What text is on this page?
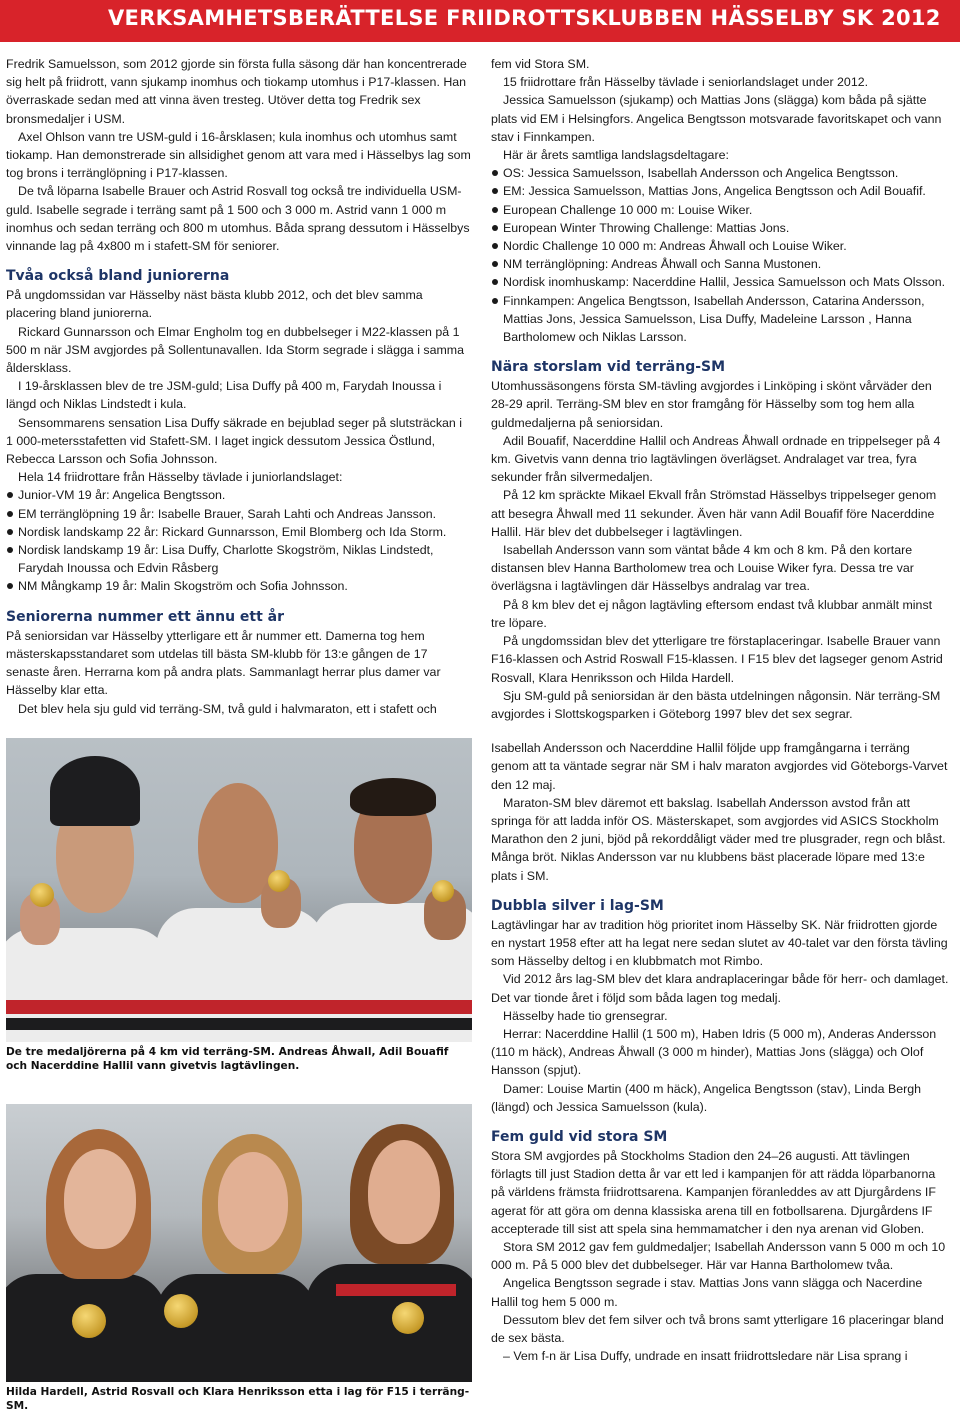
VERKSAMHETSBERÄTTELSE FRIIDROTTSKLUBBEN HÄSSELBY SK 2012

Fredrik Samuelsson, som 2012 gjorde sin första fulla säsong där han koncentrerade sig helt på friidrott, vann sjukamp inomhus och tiokamp utomhus i P17-klassen. Han överraskade sedan med att vinna även tresteg. Utöver detta tog Fredrik sex bronsmedaljer i USM.

Axel Ohlson vann tre USM-guld i 16-årsklasen; kula inomhus och utomhus samt tiokamp. Han demonstrerade sin allsidighet genom att vara med i Hässelbys lag som tog brons i terränglöpning i P17-klassen.

De två löparna Isabelle Brauer och Astrid Rosvall tog också tre individuella USM-guld. Isabelle segrade i terräng samt på 1 500 och 3 000 m. Astrid vann 1 000 m inomhus och sedan terräng och 800 m utomhus. Båda sprang dessutom i Hässelbys vinnande lag på 4x800 m i stafett-SM för seniorer.

Tvåa också bland juniorerna

På ungdomssidan var Hässelby näst bästa klubb 2012, och det blev samma placering bland juniorerna.

Rickard Gunnarsson och Elmar Engholm tog en dubbelseger i M22-klassen på 1 500 m när JSM avgjordes på Sollentunavallen. Ida Storm segrade i slägga i samma åldersklass.

I 19-årsklassen blev de tre JSM-guld; Lisa Duffy på 400 m, Farydah Inoussa i längd och Niklas Lindstedt i kula.

Sensommarens sensation Lisa Duffy säkrade en bejublad seger på slutsträckan i 1 000-metersstafetten vid Stafett-SM. I laget ingick dessutom Jessica Östlund, Rebecca Larsson och Sofia Johnsson.

Hela 14 friidrottare från Hässelby tävlade i juniorlandslaget:

Junior-VM 19 år: Angelica Bengtsson.
EM terränglöpning 19 år: Isabelle Brauer, Sarah Lahti och Andreas Jansson.
Nordisk landskamp 22 år: Rickard Gunnarsson, Emil Blomberg och Ida Storm.
Nordisk landskamp 19 år: Lisa Duffy, Charlotte Skogström, Niklas Lindstedt, Farydah Inoussa och Edvin Råsberg
NM Mångkamp 19 år: Malin Skogström och Sofia Johnsson.
Seniorerna nummer ett ännu ett år

På seniorsidan var Hässelby ytterligare ett år nummer ett. Damerna tog hem mästerskapsstandaret som utdelas till bästa SM-klubb för 13:e gången de 17 senaste åren. Herrarna kom på andra plats. Sammanlagt herrar plus damer var Hässelby klar etta.

Det blev hela sju guld vid terräng-SM, två guld i halvmaraton, ett i stafett och

De tre medaljörerna på 4 km vid terräng-SM. Andreas Åhwall, Adil Bouafif och Nacerddine Hallil vann givetvis lagtävlingen.
Hilda Hardell, Astrid Rosvall och Klara Henriksson etta i lag för F15 i terräng-SM.

fem vid Stora SM.

15 friidrottare från Hässelby tävlade i seniorlandslaget under 2012.

Jessica Samuelsson (sjukamp) och Mattias Jons (slägga) kom båda på sjätte plats vid EM i Helsingfors. Angelica Bengtsson motsvarade favoritskapet och vann stav i Finnkampen.

Här är årets samtliga landslagsdeltagare:

OS: Jessica Samuelsson, Isabellah Andersson och Angelica Bengtsson.
EM: Jessica Samuelsson, Mattias Jons, Angelica Bengtsson och Adil Bouafif.
European Challenge 10 000 m: Louise Wiker.
European Winter Throwing Challenge: Mattias Jons.
Nordic Challenge 10 000 m: Andreas Åhwall och Louise Wiker.
NM terränglöpning: Andreas Åhwall och Sanna Mustonen.
Nordisk inomhuskamp: Nacerddine Hallil, Jessica Samuelsson och Mats Olsson.
Finnkampen: Angelica Bengtsson, Isabellah Andersson, Catarina Andersson, Mattias Jons, Jessica Samuelsson, Lisa Duffy, Madeleine Larsson , Hanna Bartholomew och Niklas Larsson.
Nära storslam vid terräng-SM

Utomhussäsongens första SM-tävling avgjordes i Linköping i skönt vårväder den 28-29 april. Terräng-SM blev en stor framgång för Hässelby som tog hem alla guldmedaljerna på seniorsidan.

Adil Bouafif, Nacerddine Hallil och Andreas Åhwall ordnade en trippelseger på 4 km. Givetvis vann denna trio lagtävlingen överlägset. Andralaget var trea, fyra sekunder från silvermedaljen.

På 12 km spräckte Mikael Ekvall från Strömstad Hässelbys trippelseger genom att besegra Åhwall med 11 sekunder. Även här vann Adil Bouafif före Nacerddine Hallil. Här blev det dubbelseger i lagtävlingen.

Isabellah Andersson vann som väntat både 4 km och 8 km. På den kortare distansen blev Hanna Bartholomew trea och Louise Wiker fyra. Dessa tre var överlägsna i lagtävlingen där Hässelbys andralag var trea.

På 8 km blev det ej någon lagtävling eftersom endast två klubbar anmält minst tre löpare.

På ungdomssidan blev det ytterligare tre förstaplaceringar. Isabelle Brauer vann F16-klassen och Astrid Roswall F15-klassen. I F15 blev det lagseger genom Astrid Rosvall, Klara Henriksson och Hilda Hardell.

Sju SM-guld på seniorsidan är den bästa utdelningen någonsin. När terräng-SM avgjordes i Slottskogsparken i Göteborg 1997 blev det sex segrar.

Isabellah Andersson och Nacerddine Hallil följde upp framgångarna i terräng genom att ta väntade segrar när SM i halv maraton avgjordes vid Göteborgs-Varvet den 12 maj.

Maraton-SM blev däremot ett bakslag. Isabellah Andersson avstod från att springa för att ladda inför OS. Mästerskapet, som avgjordes vid ASICS Stockholm Marathon den 2 juni, bjöd på rekorddåligt väder med tre plusgrader, regn och blåst. Många bröt. Niklas Andersson var nu klubbens bäst placerade löpare med 13:e plats i SM.

Dubbla silver i lag-SM

Lagtävlingar har av tradition hög prioritet inom Hässelby SK. När friidrotten gjorde en nystart 1958 efter att ha legat nere sedan slutet av 40-talet var den första tävling som Hässelby deltog i en klubbmatch mot Rimbo.

Vid 2012 års lag-SM blev det klara andraplaceringar både för herr- och damlaget. Det var tionde året i följd som båda lagen tog medalj.

Hässelby hade tio grensegrar.

Herrar: Nacerddine Hallil (1 500 m), Haben Idris (5 000 m), Anderas Andersson (110 m häck), Andreas Åhwall (3 000 m hinder), Mattias Jons (slägga) och Olof Hansson (spjut).

Damer: Louise Martin (400 m häck), Angelica Bengtsson (stav), Linda Bergh (längd) och Jessica Samuelsson (kula).

Fem guld vid stora SM

Stora SM avgjordes på Stockholms Stadion den 24–26 augusti. Att tävlingen förlagts till just Stadion detta år var ett led i kampanjen för att rädda löparbanorna på världens främsta friidrottsarena. Kampanjen föranleddes av att Djurgårdens IF agerat för att göra om denna klassiska arena till en fotbollsarena. Djurgårdens IF accepterade till sist att spela sina hemmamatcher i den nya arenan vid Globen.

Stora SM 2012 gav fem guldmedaljer; Isabellah Andersson vann 5 000 m och 10 000 m. På 5 000 blev det dubbelseger. Här var Hanna Bartholomew tvåa.

Angelica Bengtsson segrade i stav. Mattias Jons vann slägga och Nacerdine Hallil tog hem 5 000 m.

Dessutom blev det fem silver och två brons samt ytterligare 16 placeringar bland de sex bästa.

– Vem f-n är Lisa Duffy, undrade en insatt friidrottsledare när Lisa sprang i
